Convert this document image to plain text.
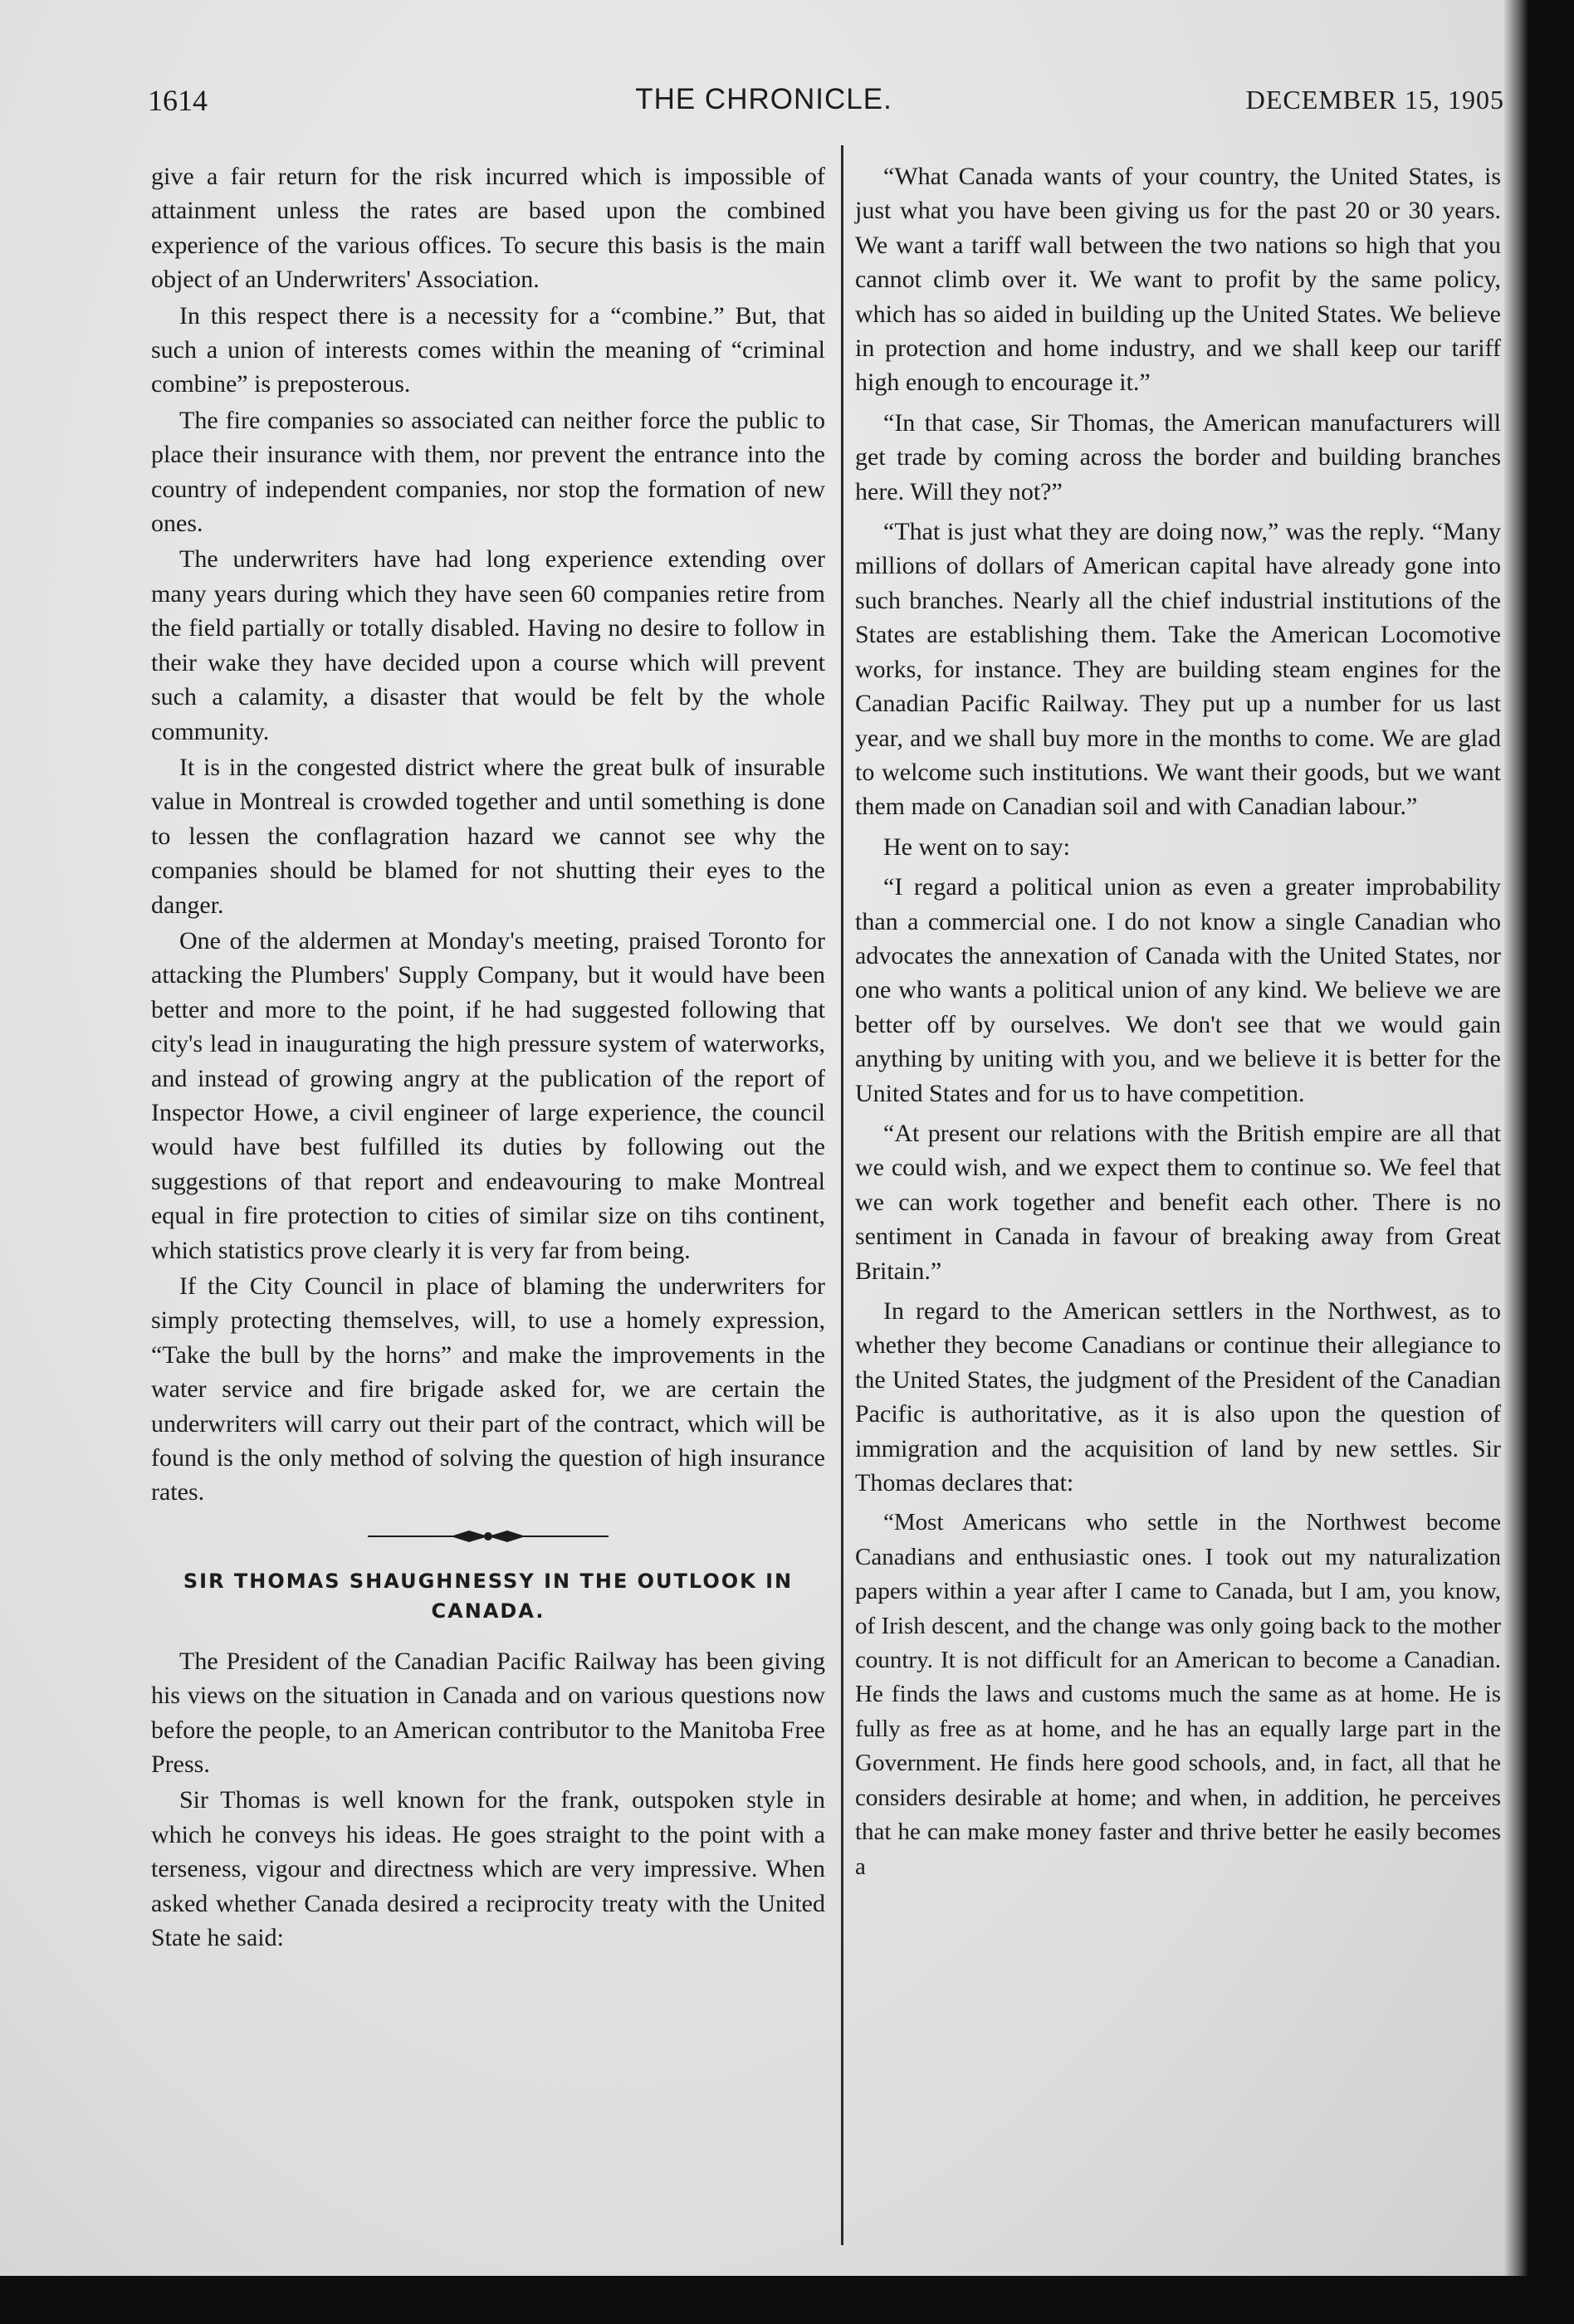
1614	THE CHRONICLE.	DECEMBER 15, 1905

give a fair return for the risk incurred which is impossible of attainment unless the rates are based upon the combined experience of the various offices. To secure this basis is the main object of an Underwriters' Association.

In this respect there is a necessity for a “combine.” But, that such a union of interests comes within the meaning of “criminal combine” is preposterous.

The fire companies so associated can neither force the public to place their insurance with them, nor prevent the entrance into the country of independent companies, nor stop the formation of new ones.

The underwriters have had long experience extending over many years during which they have seen 60 companies retire from the field partially or totally disabled. Having no desire to follow in their wake they have decided upon a course which will prevent such a calamity, a disaster that would be felt by the whole community.

It is in the congested district where the great bulk of insurable value in Montreal is crowded together and until something is done to lessen the conflagration hazard we cannot see why the companies should be blamed for not shutting their eyes to the danger.

One of the aldermen at Monday's meeting, praised Toronto for attacking the Plumbers' Supply Company, but it would have been better and more to the point, if he had suggested following that city's lead in inaugurating the high pressure system of waterworks, and instead of growing angry at the publication of the report of Inspector Howe, a civil engineer of large experience, the council would have best fulfilled its duties by following out the suggestions of that report and endeavouring to make Montreal equal in fire protection to cities of similar size on tihs continent, which statistics prove clearly it is very far from being.

If the City Council in place of blaming the underwriters for simply protecting themselves, will, to use a homely expression, “Take the bull by the horns” and make the improvements in the water service and fire brigade asked for, we are certain the underwriters will carry out their part of the contract, which will be found is the only method of solving the question of high insurance rates.

SIR THOMAS SHAUGHNESSY IN THE OUTLOOK IN CANADA.

The President of the Canadian Pacific Railway has been giving his views on the situation in Canada and on various questions now before the people, to an American contributor to the Manitoba Free Press.

Sir Thomas is well known for the frank, outspoken style in which he conveys his ideas. He goes straight to the point with a terseness, vigour and directness which are very impressive. When asked whether Canada desired a reciprocity treaty with the United State he said:

“What Canada wants of your country, the United States, is just what you have been giving us for the past 20 or 30 years. We want a tariff wall between the two nations so high that you cannot climb over it. We want to profit by the same policy, which has so aided in building up the United States. We believe in protection and home industry, and we shall keep our tariff high enough to encourage it.”

“In that case, Sir Thomas, the American manufacturers will get trade by coming across the border and building branches here. Will they not?”

“That is just what they are doing now,” was the reply. “Many millions of dollars of American capital have already gone into such branches. Nearly all the chief industrial institutions of the States are establishing them. Take the American Locomotive works, for instance. They are building steam engines for the Canadian Pacific Railway. They put up a number for us last year, and we shall buy more in the months to come. We are glad to welcome such institutions. We want their goods, but we want them made on Canadian soil and with Canadian labour.”

He went on to say:

“I regard a political union as even a greater improbability than a commercial one. I do not know a single Canadian who advocates the annexation of Canada with the United States, nor one who wants a political union of any kind. We believe we are better off by ourselves. We don't see that we would gain anything by uniting with you, and we believe it is better for the United States and for us to have competition.

“At present our relations with the British empire are all that we could wish, and we expect them to continue so. We feel that we can work together and benefit each other. There is no sentiment in Canada in favour of breaking away from Great Britain.”

In regard to the American settlers in the Northwest, as to whether they become Canadians or continue their allegiance to the United States, the judgment of the President of the Canadian Pacific is authoritative, as it is also upon the question of immigration and the acquisition of land by new settles. Sir Thomas declares that:

“Most Americans who settle in the Northwest become Canadians and enthusiastic ones. I took out my naturalization papers within a year after I came to Canada, but I am, you know, of Irish descent, and the change was only going back to the mother country. It is not difficult for an American to become a Canadian. He finds the laws and customs much the same as at home. He is fully as free as at home, and he has an equally large part in the Government. He finds here good schools, and, in fact, all that he considers desirable at home; and when, in addition, he perceives that he can make money faster and thrive better he easily becomes a
